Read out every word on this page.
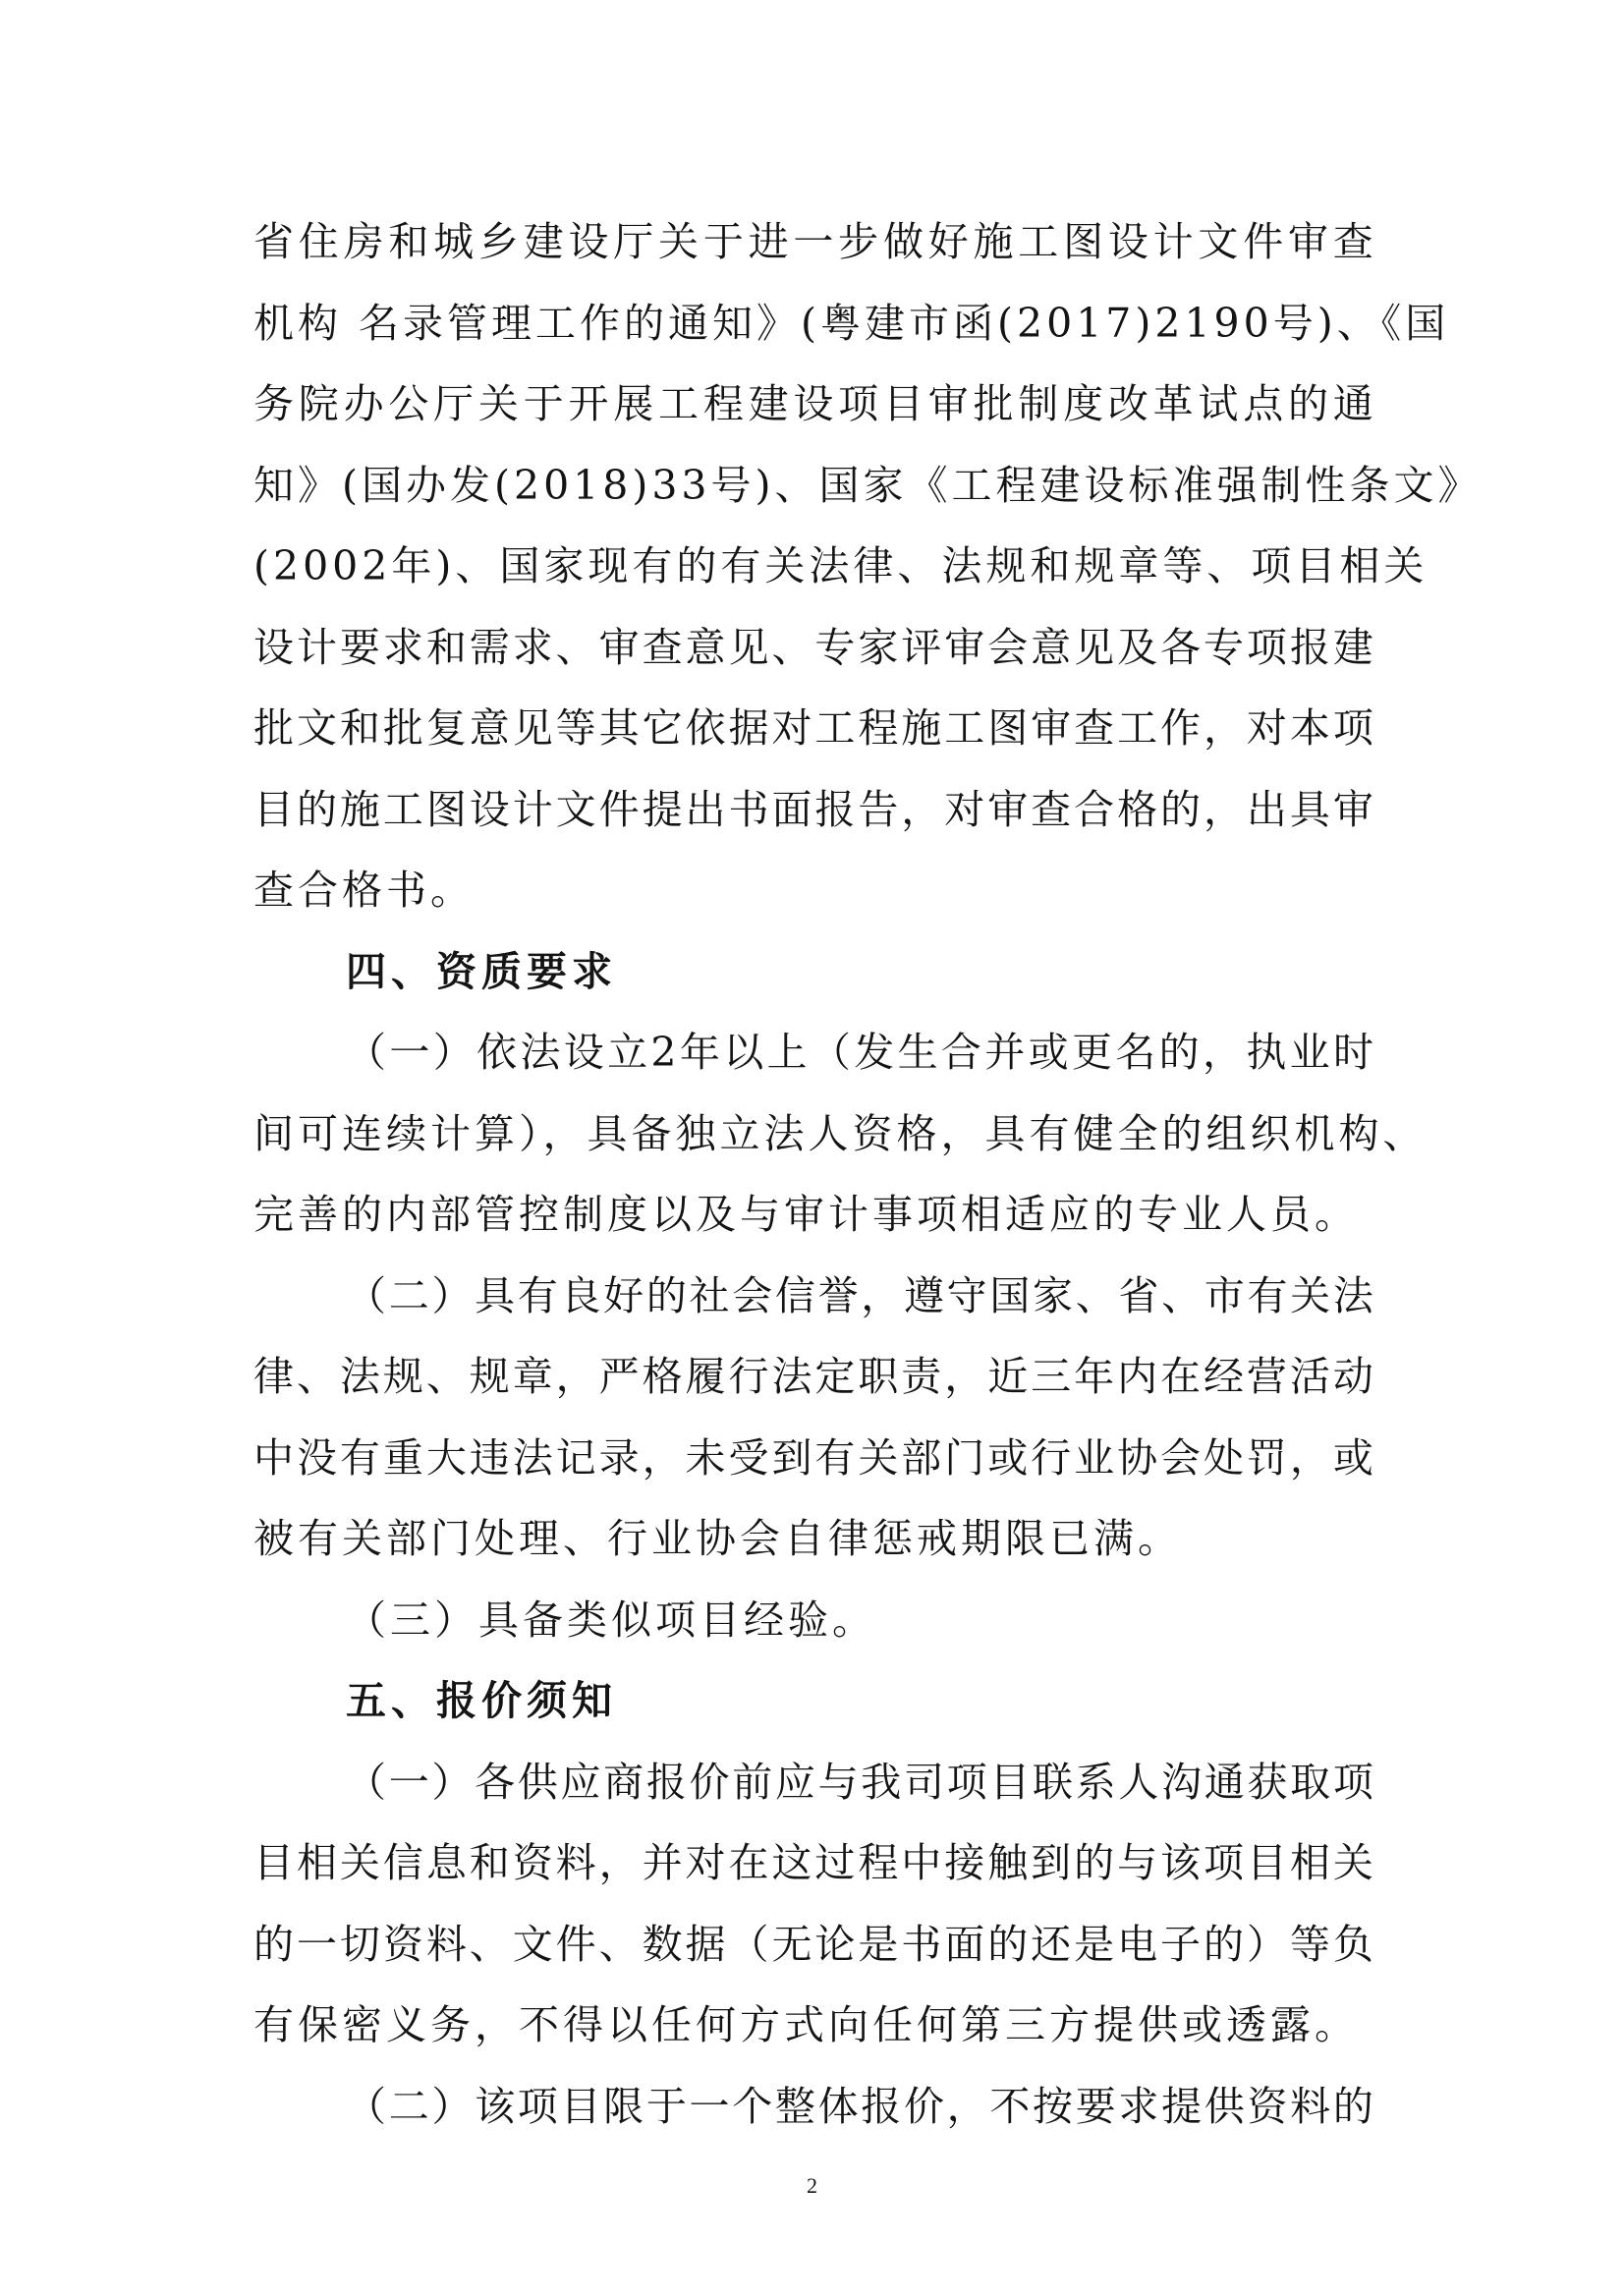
省 住 房 和 城 乡 建 设 厅 关 于 进 一 步 做 好 施 工 图 设 计 文 件 审 查
机构 名录管理工作的通知》(粤建市函(2017)2190号)、《国
务 院 办 公 厅 关 于 开 展 工 程 建 设 项 目 审 批 制 度 改 革 试 点 的 通
知》(国办发(2018)33号)、国家《工程建设标准强制性条文》
(2002年)、国家现有的有关法律、法规和规章等、项目相关
设 计 要 求 和 需 求 、 审 查 意 见 、 专 家 评 审 会 意 见 及 各 专 项 报 建
批 文 和 批 复 意 见 等 其 它 依 据 对 工 程 施 工 图 审 查 工 作 ， 对 本 项
目 的 施 工 图 设 计 文 件 提 出 书 面 报 告 ， 对 审 查 合 格 的 ， 出 具 审
查合格书。
四、资质要求
（ 一 ） 依 法 设 立 2 年 以 上 （ 发 生 合 并 或 更 名 的 ， 执 业 时
间可连续计算），具备独立法人资格，具有健全的组织机构、
完善的内部管控制度以及与审计事项相适应的专业人员。
（ 二 ） 具 有 良 好 的 社 会 信 誉 ， 遵 守 国 家 、 省 、 市 有 关 法
律 、 法 规 、 规 章 ， 严 格 履 行 法 定 职 责 ， 近 三 年 内 在 经 营 活 动
中 没 有 重 大 违 法 记 录 ， 未 受 到 有 关 部 门 或 行 业 协 会 处 罚 ， 或
被有关部门处理、行业协会自律惩戒期限已满。
（三）具备类似项目经验。
五、报价须知
（ 一 ） 各 供 应 商 报 价 前 应 与 我 司 项 目 联 系 人 沟 通 获 取 项
目 相 关 信 息 和 资 料 ， 并 对 在 这 过 程 中 接 触 到 的 与 该 项 目 相 关
的 一 切 资 料 、 文 件 、 数 据 （ 无 论 是 书 面 的 还 是 电 子 的 ） 等 负
有保密义务，不得以任何方式向任何第三方提供或透露。
（ 二 ） 该 项 目 限 于 一 个 整 体 报 价 ， 不 按 要 求 提 供 资 料 的
2
